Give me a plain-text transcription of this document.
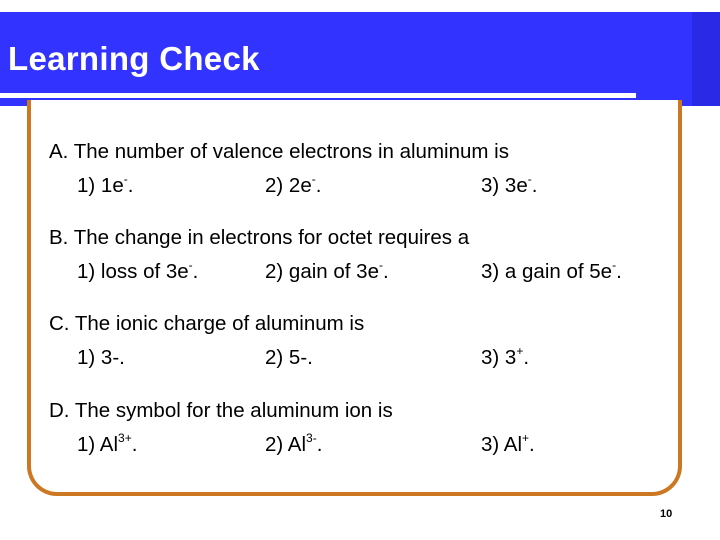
Learning Check
A. The number of valence electrons in aluminum is
1) 1e-.	2) 2e-.	3) 3e-.
B. The change in electrons for octet requires a
1) loss of 3e-.	2) gain of 3e-.	3) a gain of 5e-.
C. The ionic charge of aluminum is
1) 3-.	2) 5-.	3) 3+.
D. The symbol for the aluminum ion is
1) $Al^{3+}$.	2) $Al^{3-}$.	3) Al+.
10
